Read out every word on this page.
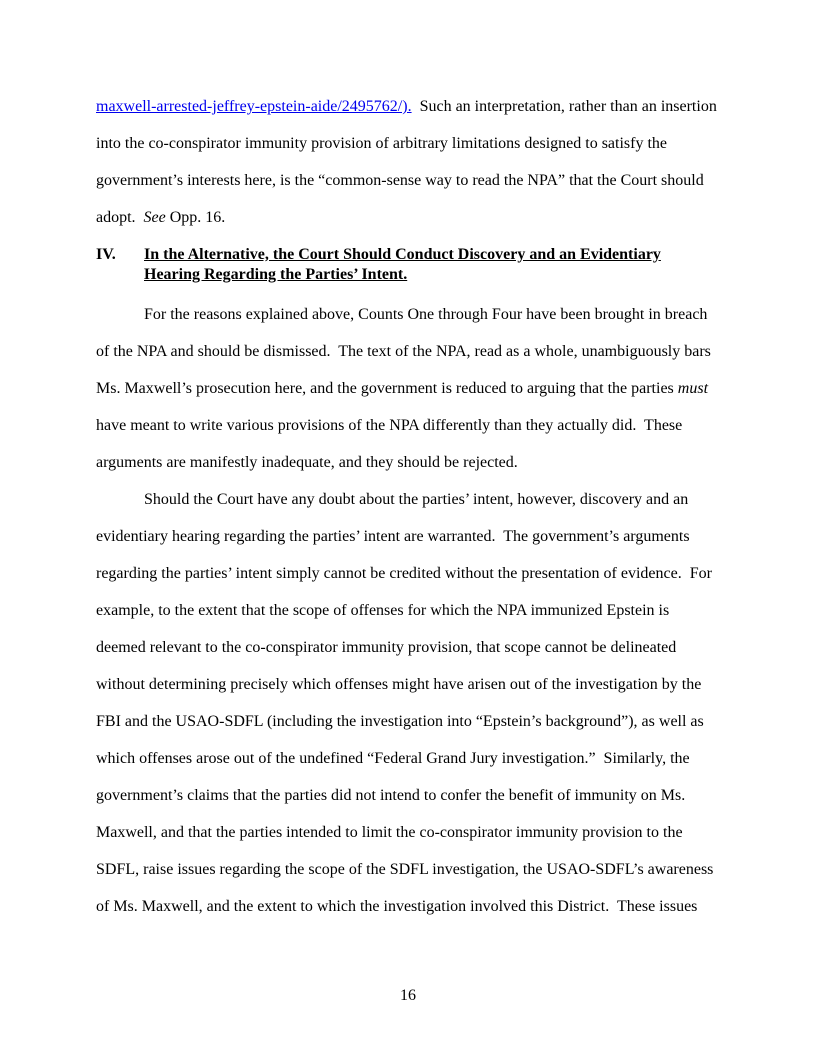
maxwell-arrested-jeffrey-epstein-aide/2495762/).  Such an interpretation, rather than an insertion into the co-conspirator immunity provision of arbitrary limitations designed to satisfy the government’s interests here, is the “common-sense way to read the NPA” that the Court should adopt.  See Opp. 16.

IV. In the Alternative, the Court Should Conduct Discovery and an Evidentiary
Hearing Regarding the Parties’ Intent.

For the reasons explained above, Counts One through Four have been brought in breach of the NPA and should be dismissed.  The text of the NPA, read as a whole, unambiguously bars Ms. Maxwell’s prosecution here, and the government is reduced to arguing that the parties must have meant to write various provisions of the NPA differently than they actually did.  These arguments are manifestly inadequate, and they should be rejected.

Should the Court have any doubt about the parties’ intent, however, discovery and an evidentiary hearing regarding the parties’ intent are warranted.  The government’s arguments regarding the parties’ intent simply cannot be credited without the presentation of evidence.  For example, to the extent that the scope of offenses for which the NPA immunized Epstein is deemed relevant to the co-conspirator immunity provision, that scope cannot be delineated without determining precisely which offenses might have arisen out of the investigation by the FBI and the USAO-SDFL (including the investigation into “Epstein’s background”), as well as which offenses arose out of the undefined “Federal Grand Jury investigation.”  Similarly, the government’s claims that the parties did not intend to confer the benefit of immunity on Ms. Maxwell, and that the parties intended to limit the co-conspirator immunity provision to the SDFL, raise issues regarding the scope of the SDFL investigation, the USAO-SDFL’s awareness of Ms. Maxwell, and the extent to which the investigation involved this District.  These issues

16
